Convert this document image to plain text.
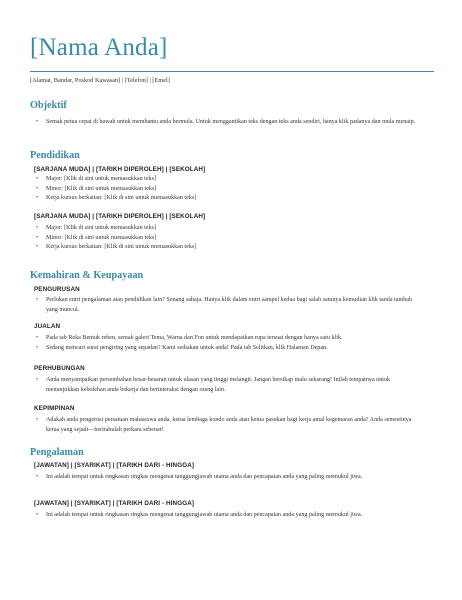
[Nama Anda]
[Alamat, Bandar, Poskod Kawasan] | [Telefon] | [Emel]
Objektif
• Semak petua cepat di bawah untuk membantu anda bermula. Untuk menggantikan teks dengan teks anda sendiri, hanya klik padanya dan mula menaip.
Pendidikan
[SARJANA MUDA] | [TARIKH DIPEROLEH] | [SEKOLAH]
• Major: [Klik di sini untuk memasukkan teks]
• Minor: [Klik di sini untuk memasukkan teks]
• Kerja kursus berkaitan: [Klik di sini untuk memasukkan teks]
[SARJANA MUDA] | [TARIKH DIPEROLEH] | [SEKOLAH]
• Major: [Klik di sini untuk memasukkan teks]
• Minor: [Klik di sini untuk memasukkan teks]
• Kerja kursus berkaitan: [Klik di sini untuk memasukkan teks]
Kemahiran & Keupayaan
PENGURUSAN
• Perlukan entri pengalaman atau pendidikan lain? Senang sahaja. Hanya klik dalam entri sampel kedua bagi salah satunya kemudian klik tanda tambah yang muncul.
JUALAN
• Pada tab Reka Bentuk reben, semak galeri Tema, Warna dan Fon untuk mendapatkan rupa tersuai dengan hanya satu klik.
• Sedang mencari surat pengiring yang sepadan? Kami sediakan untuk anda! Pada tab Selitkan, klik Halaman Depan.
PERHUBUNGAN
• Anda menyampaikan persembahan besar-besaran untuk ulasan yang tinggi melangit. Jangan bersikap malu sekarang! Inilah tempatnya untuk menunjukkan kebolehan anda bekerja dan berinteraksi dengan orang lain.
KEPIMPINAN
• Adakah anda pengerusi persatuan mahasiswa anda, ketua lembaga kondo anda atau ketua pasukan bagi kerja amal kegemaran anda? Anda semestinya ketua yang sejadi—beritahulah perkara sebenar!
Pengalaman
[JAWATAN] | [SYARIKAT] | [TARIKH DARI - HINGGA]
• Ini adalah tempat untuk ringkasan ringkas mengenai tanggungjawab utama anda dan pencapaian anda yang paling memukul jiwa.
[JAWATAN] | [SYARIKAT] | [TARIKH DARI - HINGGA]
• Ini adalah tempat untuk ringkasan ringkas mengenai tanggungjawab utama anda dan pencapaian anda yang paling memukul jiwa.
